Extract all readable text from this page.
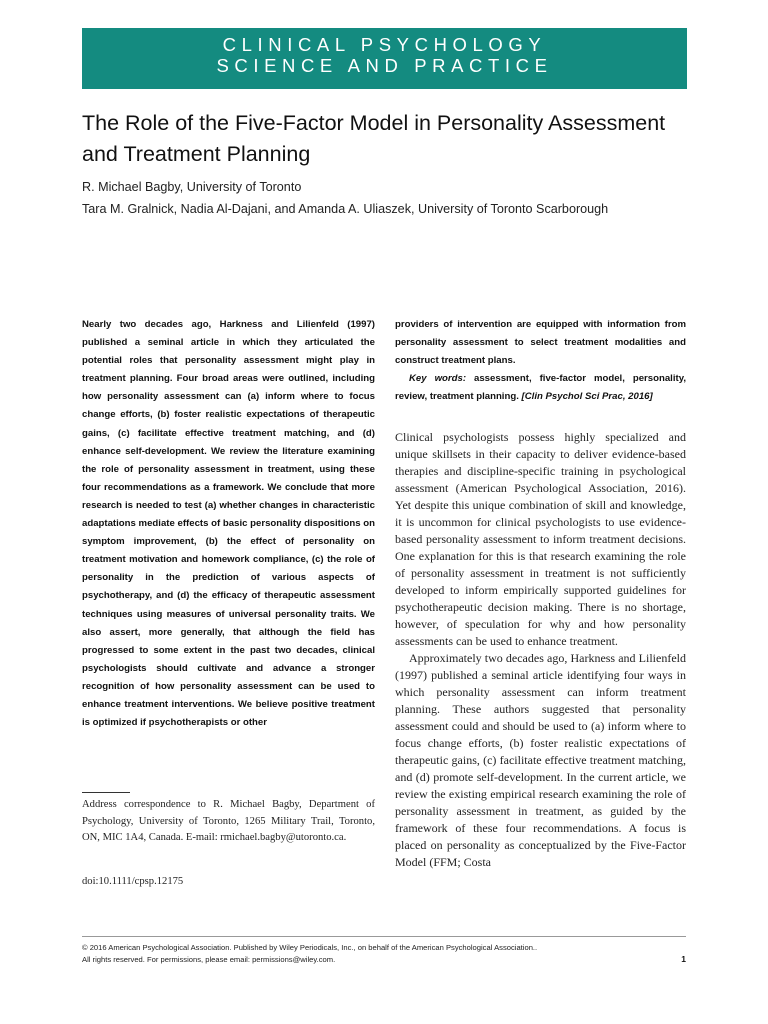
CLINICAL PSYCHOLOGY
SCIENCE AND PRACTICE
The Role of the Five-Factor Model in Personality Assessment and Treatment Planning
R. Michael Bagby, University of Toronto
Tara M. Gralnick, Nadia Al-Dajani, and Amanda A. Uliaszek, University of Toronto Scarborough

Nearly two decades ago, Harkness and Lilienfeld (1997) published a seminal article in which they articulated the potential roles that personality assessment might play in treatment planning. Four broad areas were outlined, including how personality assessment can (a) inform where to focus change efforts, (b) foster realistic expectations of therapeutic gains, (c) facilitate effective treatment matching, and (d) enhance self-development. We review the literature examining the role of personality assessment in treatment, using these four recommendations as a framework. We conclude that more research is needed to test (a) whether changes in characteristic adaptations mediate effects of basic personality dispositions on symptom improvement, (b) the effect of personality on treatment motivation and homework compliance, (c) the role of personality in the prediction of various aspects of psychotherapy, and (d) the efficacy of therapeutic assessment techniques using measures of universal personality traits. We also assert, more generally, that although the field has progressed to some extent in the past two decades, clinical psychologists should cultivate and advance a stronger recognition of how personality assessment can be used to enhance treatment interventions. We believe positive treatment is optimized if psychotherapists or other

providers of intervention are equipped with information from personality assessment to select treatment modalities and construct treatment plans.

Key words: assessment, five-factor model, personality, review, treatment planning. [Clin Psychol Sci Prac, 2016]

Clinical psychologists possess highly specialized and unique skillsets in their capacity to deliver evidence-based therapies and discipline-specific training in psychological assessment (American Psychological Association, 2016). Yet despite this unique combination of skill and knowledge, it is uncommon for clinical psychologists to use evidence-based personality assessment to inform treatment decisions. One explanation for this is that research examining the role of personality assessment in treatment is not sufficiently developed to inform empirically supported guidelines for psychotherapeutic decision making. There is no shortage, however, of speculation for why and how personality assessments can be used to enhance treatment.

Approximately two decades ago, Harkness and Lilienfeld (1997) published a seminal article identifying four ways in which personality assessment can inform treatment planning. These authors suggested that personality assessment could and should be used to (a) inform where to focus change efforts, (b) foster realistic expectations of therapeutic gains, (c) facilitate effective treatment matching, and (d) promote self-development. In the current article, we review the existing empirical research examining the role of personality assessment in treatment, as guided by the framework of these four recommendations. A focus is placed on personality as conceptualized by the Five-Factor Model (FFM; Costa

Address correspondence to R. Michael Bagby, Department of Psychology, University of Toronto, 1265 Military Trail, Toronto, ON, MIC 1A4, Canada. E-mail: rmichael.bagby@utoronto.ca.
doi:10.1111/cpsp.12175
© 2016 American Psychological Association. Published by Wiley Periodicals, Inc., on behalf of the American Psychological Association..
All rights reserved. For permissions, please email: permissions@wiley.com.	1
